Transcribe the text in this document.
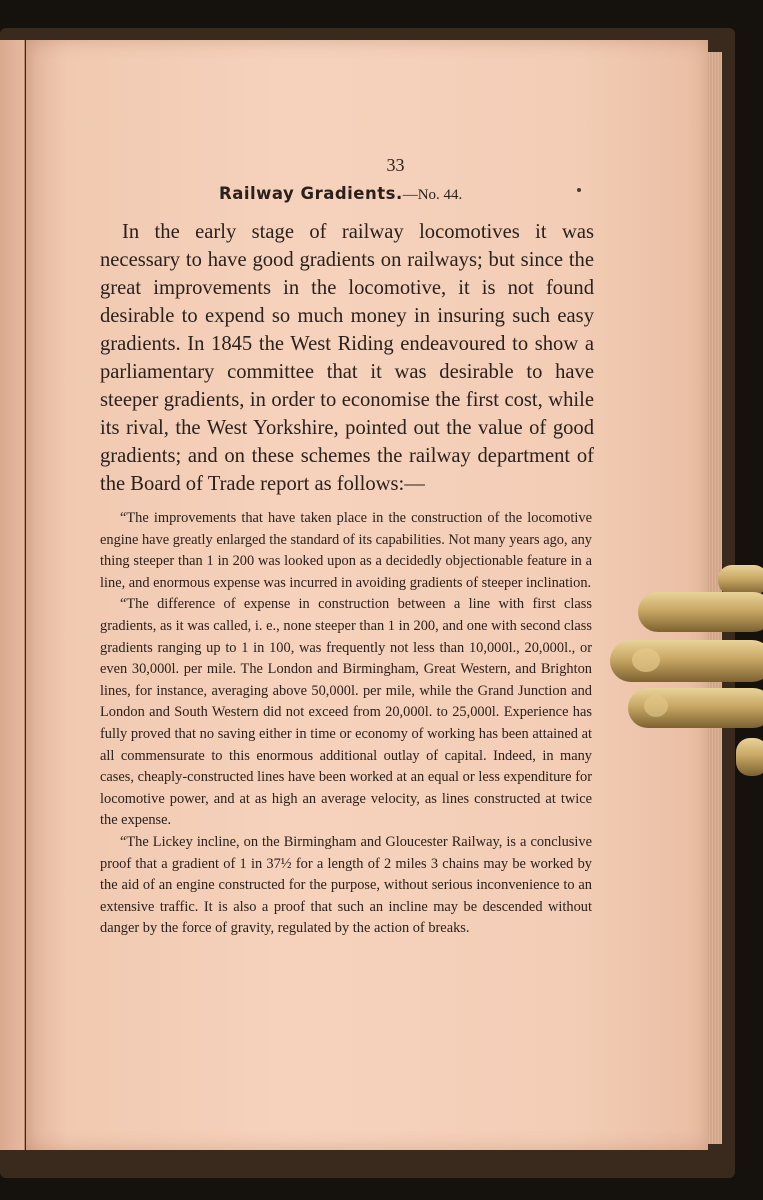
33
Railway Gradients.—No. 44.

In the early stage of railway locomotives it was necessary to have good gradients on railways; but since the great improvements in the locomotive, it is not found desirable to expend so much money in insuring such easy gradients. In 1845 the West Riding endeavoured to show a parliamentary committee that it was desirable to have steeper gradients, in order to economise the first cost, while its rival, the West Yorkshire, pointed out the value of good gradients; and on these schemes the railway department of the Board of Trade report as follows:—

“The improvements that have taken place in the construction of the locomotive engine have greatly enlarged the standard of its capabilities. Not many years ago, any thing steeper than 1 in 200 was looked upon as a decidedly objectionable feature in a line, and enormous expense was incurred in avoiding gradients of steeper inclination.

“The difference of expense in construction between a line with first class gradients, as it was called, i. e., none steeper than 1 in 200, and one with second class gradients ranging up to 1 in 100, was frequently not less than 10,000l., 20,000l., or even 30,000l. per mile. The London and Birmingham, Great Western, and Brighton lines, for instance, averaging above 50,000l. per mile, while the Grand Junction and London and South Western did not exceed from 20,000l. to 25,000l. Experience has fully proved that no saving either in time or economy of working has been attained at all commensurate to this enormous additional outlay of capital. Indeed, in many cases, cheaply-constructed lines have been worked at an equal or less expenditure for locomotive power, and at as high an average velocity, as lines constructed at twice the expense.

“The Lickey incline, on the Birmingham and Gloucester Railway, is a conclusive proof that a gradient of 1 in 37½ for a length of 2 miles 3 chains may be worked by the aid of an engine constructed for the purpose, without serious inconvenience to an extensive traffic. It is also a proof that such an incline may be descended without danger by the force of gravity, regulated by the action of breaks.
